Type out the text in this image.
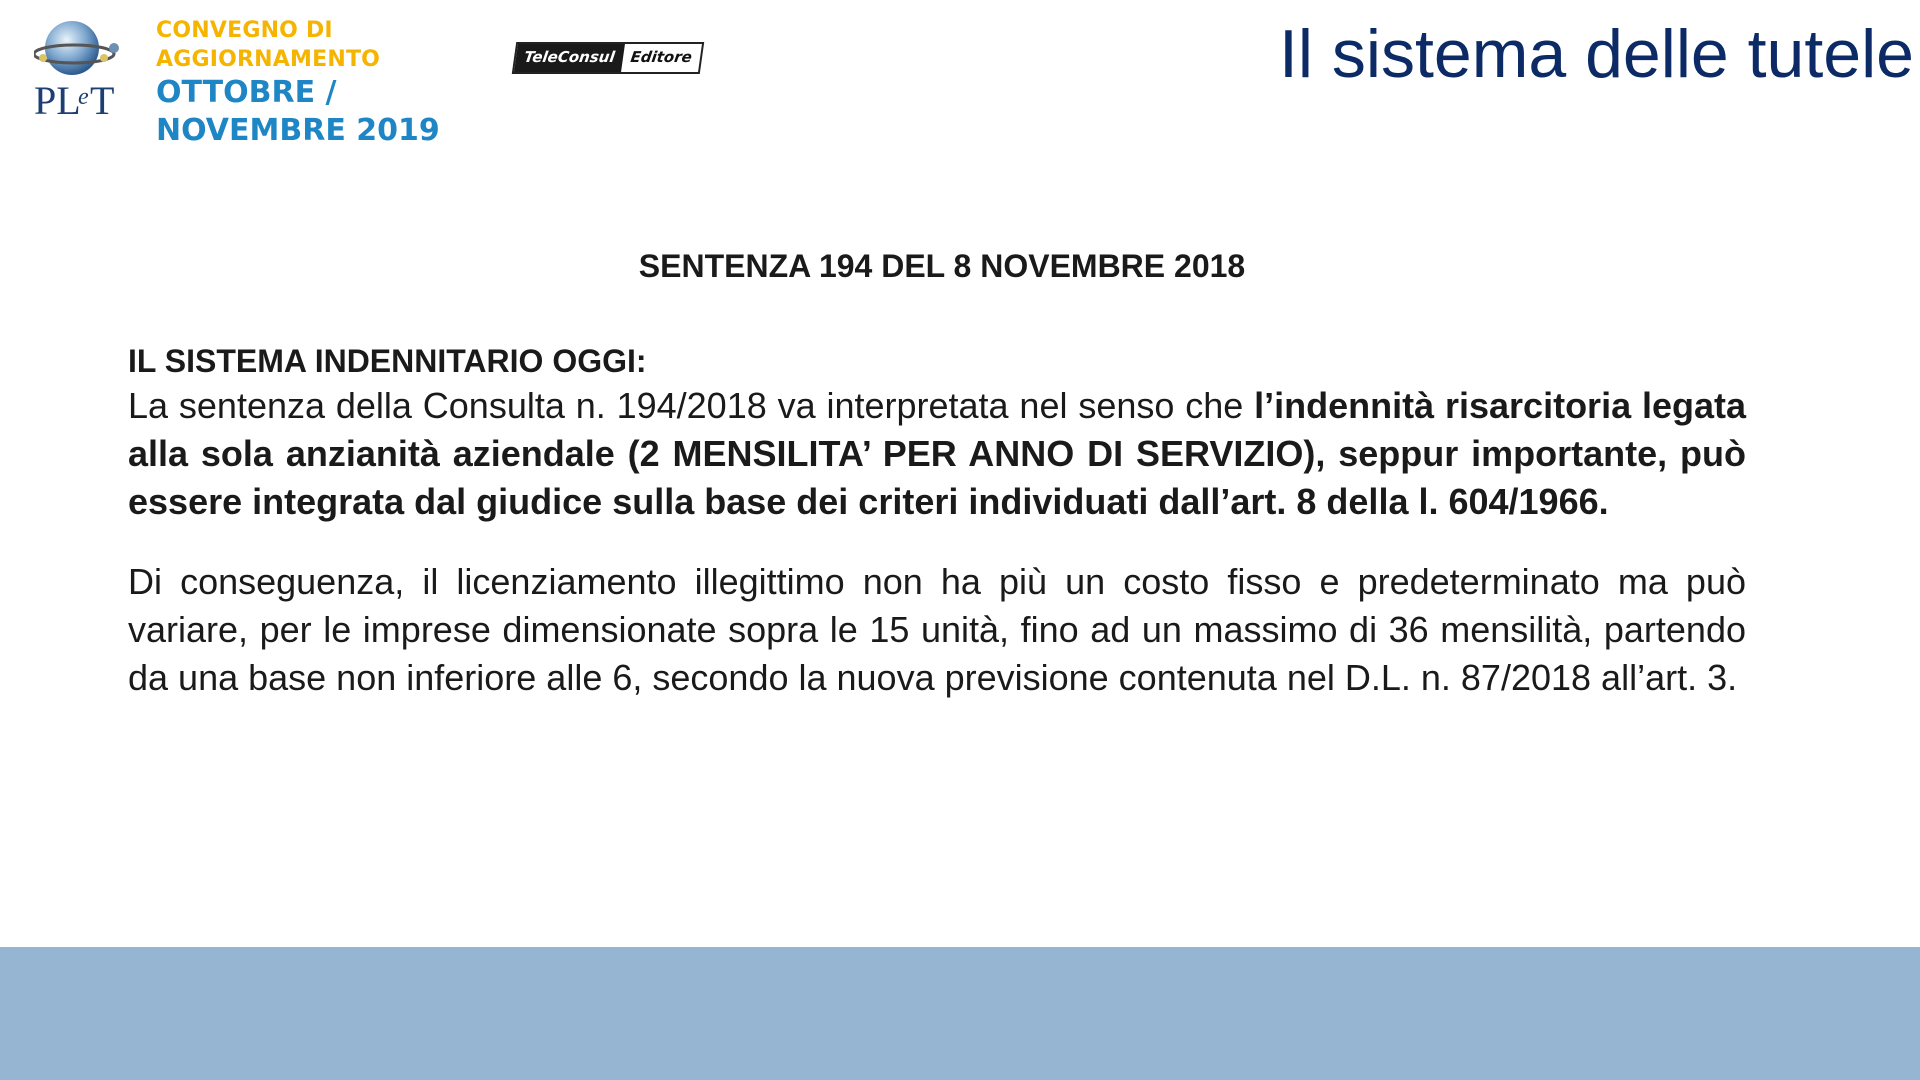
PL
e T
CONVEGNO DI
AGGIORNAMENTO
OTTOBRE /
NOVEMBRE 2019
TeleConsul Editore	Il sistema delle tutele
SENTENZA 194 DEL 8 NOVEMBRE 2018
IL SISTEMA INDENNITARIO OGGI:

La sentenza della Consulta n. 194/2018 va interpretata nel senso che l’indennità risarcitoria legata alla sola anzianità aziendale (2 MENSILITA’ PER ANNO DI SERVIZIO), seppur importante, può essere integrata dal giudice sulla base dei criteri individuati dall’art. 8 della l. 604/1966.

Di conseguenza, il licenziamento illegittimo non ha più un costo fisso e predeterminato ma può variare, per le imprese dimensionate sopra le 15 unità, fino ad un massimo di 36 mensilità, partendo da una base non inferiore alle 6, secondo la nuova previsione contenuta nel D.L. n. 87/2018 all’art. 3.
